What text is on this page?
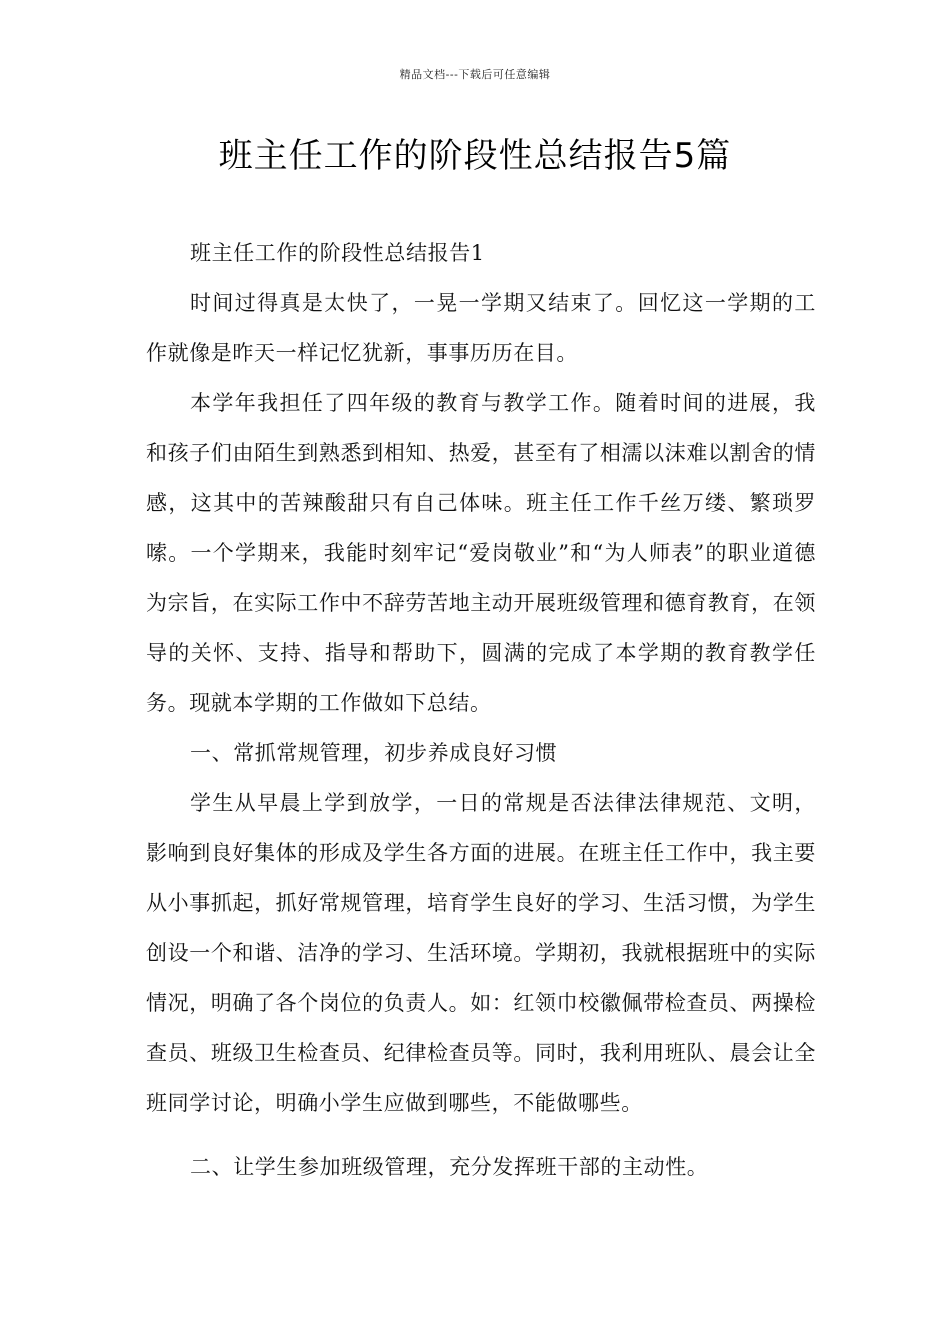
精品文档---下载后可任意编辑
班主任工作的阶段性总结报告5篇

班主任工作的阶段性总结报告1

时间过得真是太快了，一晃一学期又结束了。回忆这一学期的工作就像是昨天一样记忆犹新，事事历历在目。

本学年我担任了四年级的教育与教学工作。随着时间的进展，我和孩子们由陌生到熟悉到相知、热爱，甚至有了相濡以沫难以割舍的情感，这其中的苦辣酸甜只有自己体味。班主任工作千丝万缕、繁琐罗嗦。一个学期来，我能时刻牢记“爱岗敬业”和“为人师表”的职业道德为宗旨，在实际工作中不辞劳苦地主动开展班级管理和德育教育，在领导的关怀、支持、指导和帮助下，圆满的完成了本学期的教育教学任务。现就本学期的工作做如下总结。

一、常抓常规管理，初步养成良好习惯

学生从早晨上学到放学，一日的常规是否法律法律规范、文明，影响到良好集体的形成及学生各方面的进展。在班主任工作中，我主要从小事抓起，抓好常规管理，培育学生良好的学习、生活习惯，为学生创设一个和谐、洁净的学习、生活环境。学期初，我就根据班中的实际情况，明确了各个岗位的负责人。如：红领巾校徽佩带检查员、两操检查员、班级卫生检查员、纪律检查员等。同时，我利用班队、晨会让全班同学讨论，明确小学生应做到哪些，不能做哪些。

二、让学生参加班级管理，充分发挥班干部的主动性。
